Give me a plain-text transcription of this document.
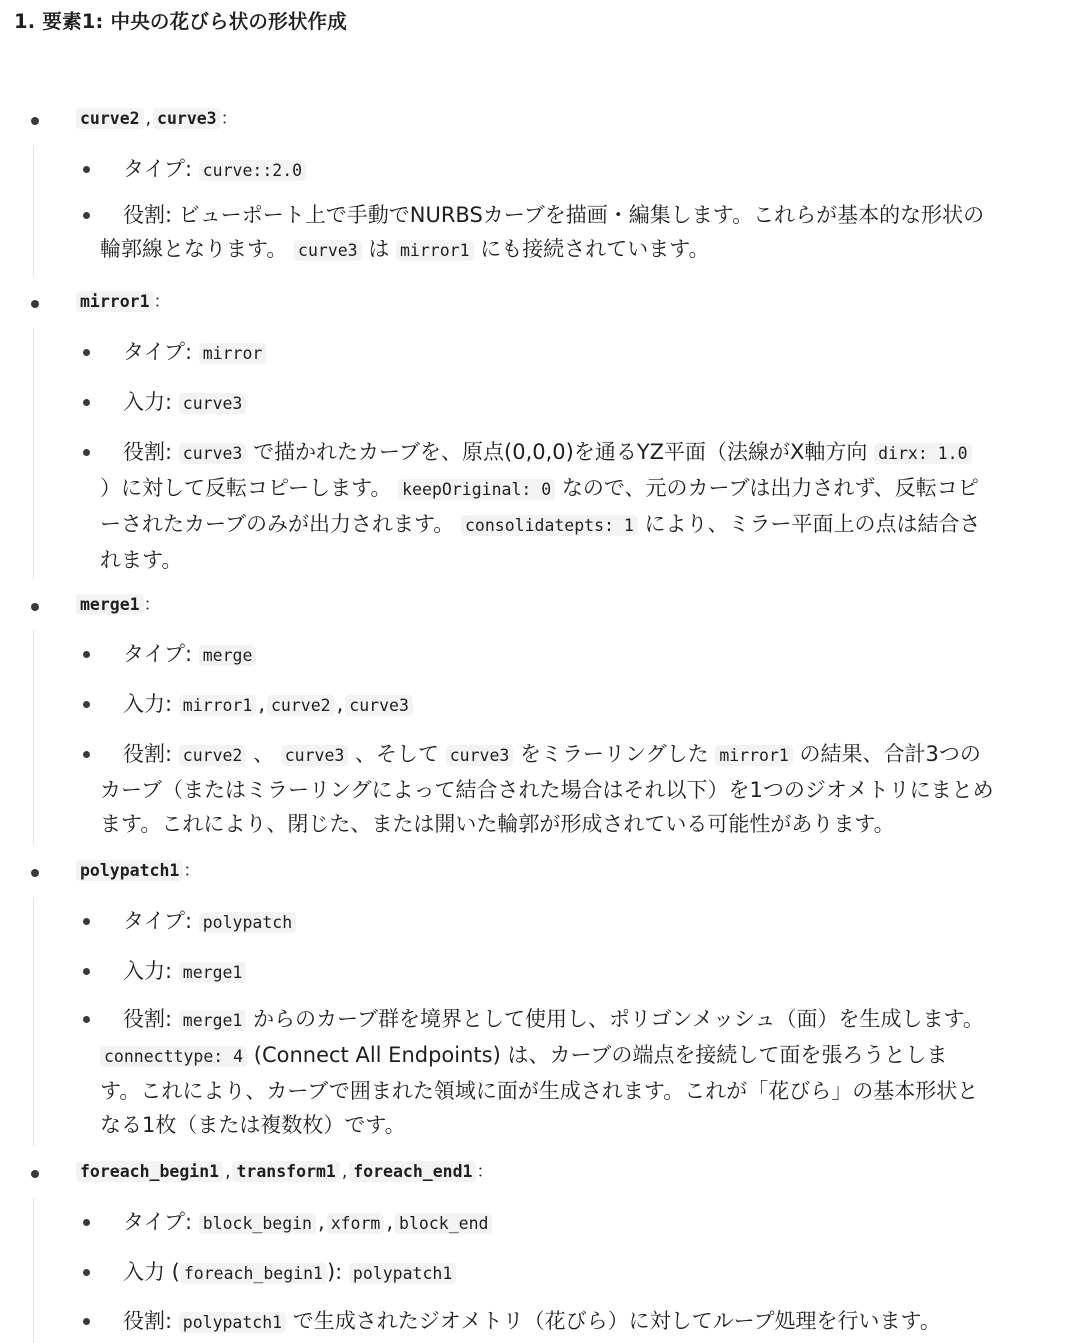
1. 要素1: 中央の花びら状の形状作成
curve2 , curve3 ：
タイプ: curve::2.0
役割: ビューポート上で手動でNURBSカーブを描画・編集します。これらが基本的な形状の
輪郭線となります。 curve3 は mirror1 にも接続されています。
mirror1 ：
タイプ: mirror
入力: curve3
役割: curve3 で描かれたカーブを、原点(0,0,0)を通るYZ平面（法線がX軸方向 dirx: 1.0
）に対して反転コピーします。 keepOriginal: 0 なので、元のカーブは出力されず、反転コピ
ーされたカーブのみが出力されます。 consolidatepts: 1 により、ミラー平面上の点は結合さ
れます。
merge1 ：
タイプ: merge
入力: mirror1 , curve2 , curve3
役割: curve2 、 curve3 、そして curve3 をミラーリングした mirror1 の結果、合計3つの
カーブ（またはミラーリングによって結合された場合はそれ以下）を1つのジオメトリにまとめ
ます。これにより、閉じた、または開いた輪郭が形成されている可能性があります。
polypatch1 ：
タイプ: polypatch
入力: merge1
役割: merge1 からのカーブ群を境界として使用し、ポリゴンメッシュ（面）を生成します。
connecttype: 4 (Connect All Endpoints) は、カーブの端点を接続して面を張ろうとしま
す。これにより、カーブで囲まれた領域に面が生成されます。これが「花びら」の基本形状と
なる1枚（または複数枚）です。
foreach_begin1 , transform1 , foreach_end1 ：
タイプ: block_begin , xform , block_end
入力 ( foreach_begin1 ): polypatch1
役割: polypatch1 で生成されたジオメトリ（花びら）に対してループ処理を行います。
